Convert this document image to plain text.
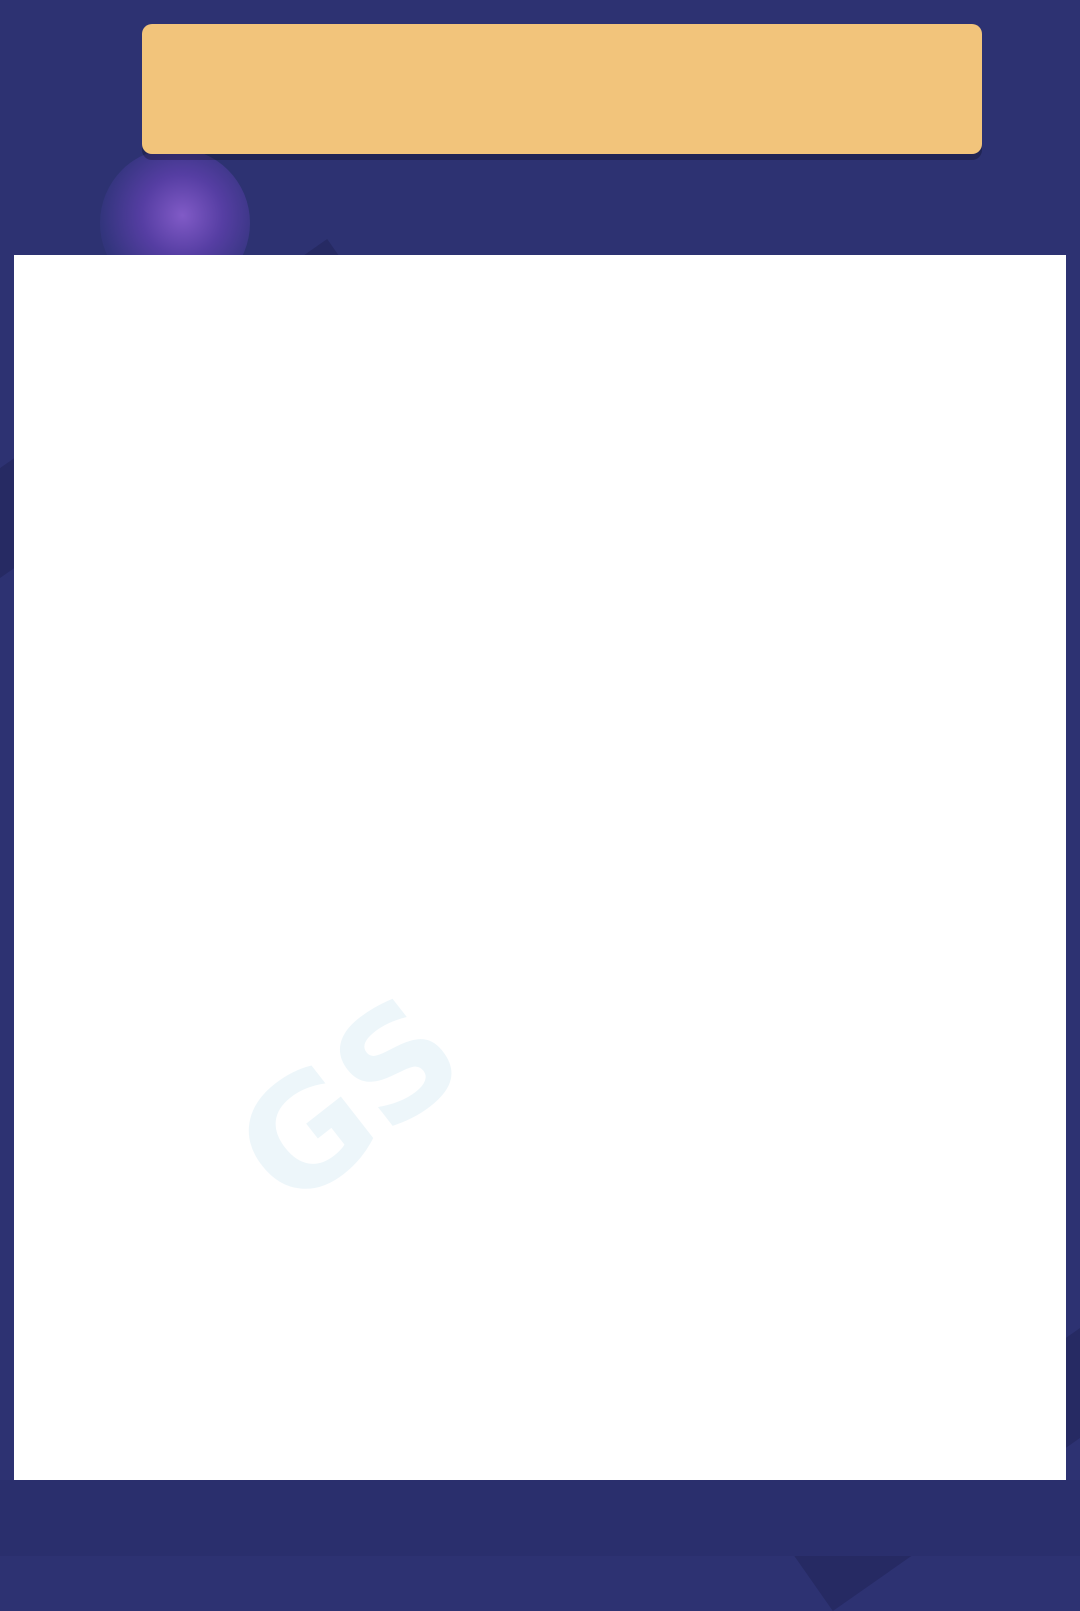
GS
